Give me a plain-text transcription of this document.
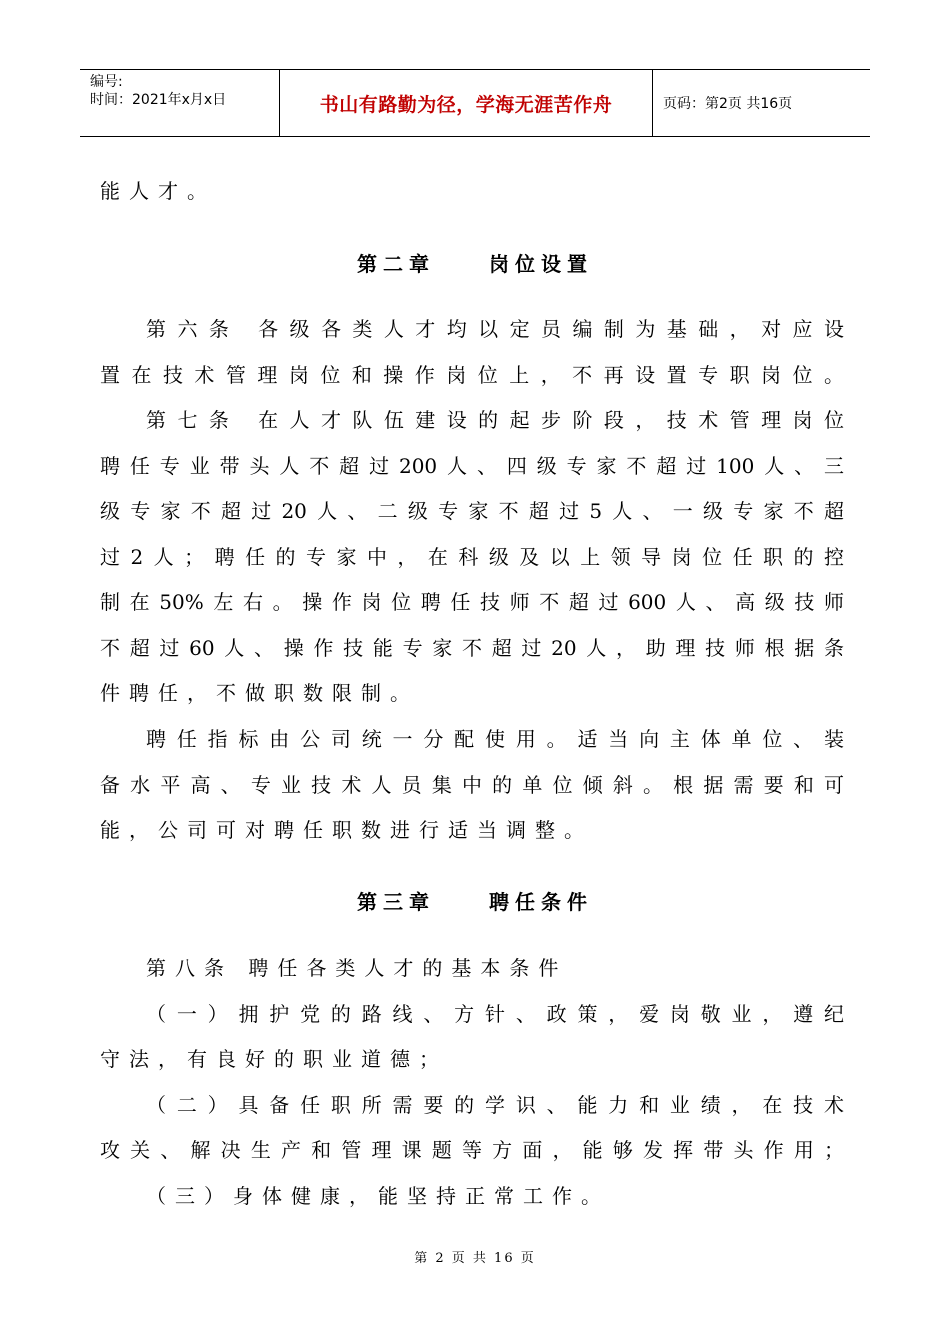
编号:
时间：2021年x月x日	书山有路勤为径，学海无涯苦作舟	页码：第2页 共16页
能人才。
第二章	岗位设置
第六条 各级各类人才均以定员编制为基础，对应设
置在技术管理岗位和操作岗位上，不再设置专职岗位。
第七条 在人才队伍建设的起步阶段，技术管理岗位
聘任专业带头人不超过200人、四级专家不超过100人、三
级专家不超过20人、二级专家不超过5人、一级专家不超
过2人；聘任的专家中，在科级及以上领导岗位任职的控
制在50%左右。操作岗位聘任技师不超过600人、高级技师
不超过60人、操作技能专家不超过20人，助理技师根据条
件聘任，不做职数限制。
聘任指标由公司统一分配使用。适当向主体单位、装
备水平高、专业技术人员集中的单位倾斜。根据需要和可
能，公司可对聘任职数进行适当调整。
第三章	聘任条件
第八条 聘任各类人才的基本条件
（一）拥护党的路线、方针、政策，爱岗敬业，遵纪
守法，有良好的职业道德；
（二）具备任职所需要的学识、能力和业绩，在技术
攻关、解决生产和管理课题等方面，能够发挥带头作用；
（三）身体健康，能坚持正常工作。
第 2 页 共 16 页
